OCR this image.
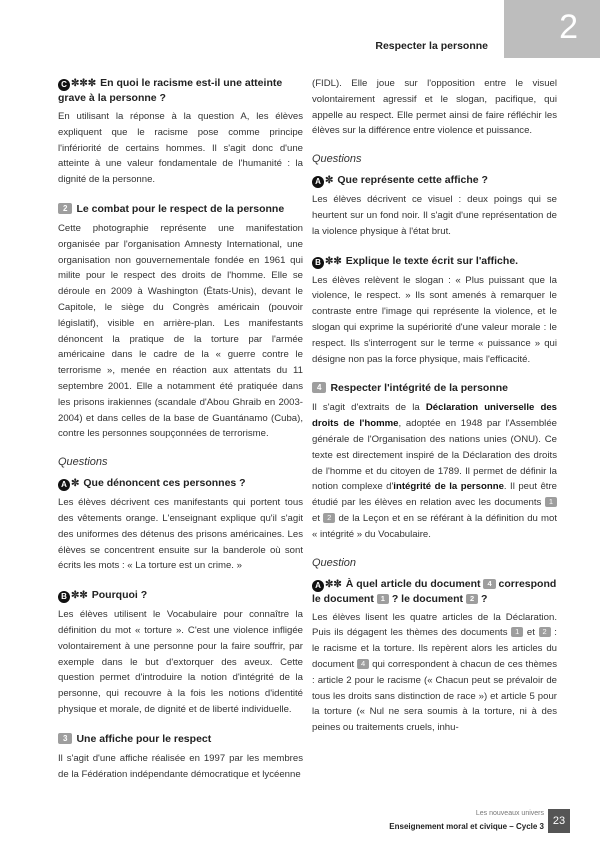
Respecter la personne 2
C ✼✼✼ En quoi le racisme est-il une atteinte grave à la personne ?
En utilisant la réponse à la question A, les élèves expliquent que le racisme pose comme principe l'infériorité de certains hommes. Il s'agit donc d'une atteinte à une valeur fondamentale de l'humanité : la dignité de la personne.
2 Le combat pour le respect de la personne
Cette photographie représente une manifestation organisée par l'organisation Amnesty International, une organisation non gouvernementale fondée en 1961 qui milite pour le respect des droits de l'homme. Elle se déroule en 2009 à Washington (États-Unis), devant le Capitole, le siège du Congrès américain (pouvoir législatif), visible en arrière-plan. Les manifestants dénoncent la pratique de la torture par l'armée américaine dans le cadre de la « guerre contre le terrorisme », menée en réaction aux attentats du 11 septembre 2001. Elle a notamment été pratiquée dans les prisons irakiennes (scandale d'Abou Ghraib en 2003-2004) et dans celles de la base de Guantánamo (Cuba), contre les personnes soupçonnées de terrorisme.
Questions
A ✼ Que dénoncent ces personnes ?
Les élèves décrivent ces manifestants qui portent tous des vêtements orange. L'enseignant explique qu'il s'agit des uniformes des détenus des prisons américaines. Les élèves se concentrent ensuite sur la banderole où sont écrits les mots : « La torture est un crime. »
B ✼✼ Pourquoi ?
Les élèves utilisent le Vocabulaire pour connaître la définition du mot « torture ». C'est une violence infligée volontairement à une personne pour la faire souffrir, par exemple dans le but d'extorquer des aveux. Cette question permet d'introduire la notion d'intégrité de la personne, qui recouvre à la fois les notions d'identité physique et morale, de dignité et de liberté individuelle.
3 Une affiche pour le respect
Il s'agit d'une affiche réalisée en 1997 par les membres de la Fédération indépendante démocratique et lycéenne
(FIDL). Elle joue sur l'opposition entre le visuel volontairement agressif et le slogan, pacifique, qui appelle au respect. Elle permet ainsi de faire réfléchir les élèves sur la différence entre violence et puissance.
Questions
A ✼ Que représente cette affiche ?
Les élèves décrivent ce visuel : deux poings qui se heurtent sur un fond noir. Il s'agit d'une représentation de la violence physique à l'état brut.
B ✼✼ Explique le texte écrit sur l'affiche.
Les élèves relèvent le slogan : « Plus puissant que la violence, le respect. » Ils sont amenés à remarquer le contraste entre l'image qui représente la violence, et le slogan qui exprime la supériorité d'une valeur morale : le respect. Ils s'interrogent sur le terme « puissance » qui désigne non pas la force physique, mais l'efficacité.
4 Respecter l'intégrité de la personne
Il s'agit d'extraits de la Déclaration universelle des droits de l'homme, adoptée en 1948 par l'Assemblée générale de l'Organisation des nations unies (ONU). Ce texte est directement inspiré de la Déclaration des droits de l'homme et du citoyen de 1789. Il permet de définir la notion complexe d'intégrité de la personne. Il peut être étudié par les élèves en relation avec les documents 1 et 2 de la Leçon et en se référant à la définition du mot « intégrité » du Vocabulaire.
Question
A ✼✼ À quel article du document 4 correspond le document 1 ? le document 2 ?
Les élèves lisent les quatre articles de la Déclaration. Puis ils dégagent les thèmes des documents 1 et 2 : le racisme et la torture. Ils repèrent alors les articles du document 4 qui correspondent à chacun de ces thèmes : article 2 pour le racisme (« Chacun peut se prévaloir de tous les droits sans distinction de race ») et article 5 pour la torture (« Nul ne sera soumis à la torture, ni à des peines ou traitements cruels, inhu-
Les nouveaux univers
Enseignement moral et civique – Cycle 3 23
